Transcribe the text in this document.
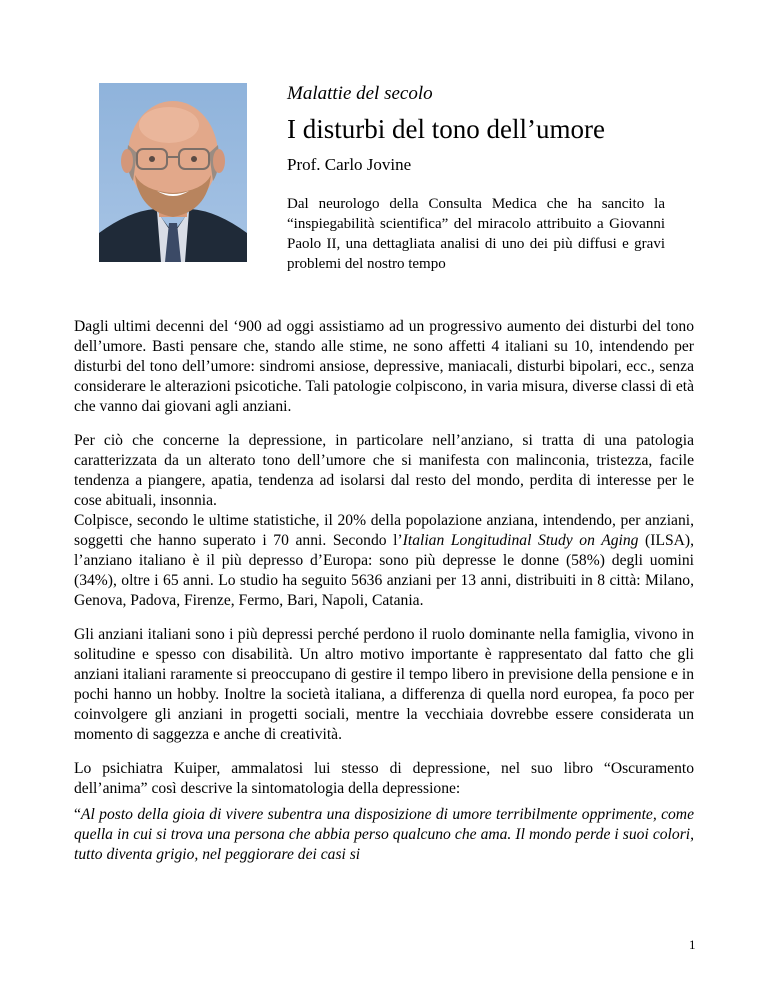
Malattie del secolo

I disturbi del tono dell’umore

Prof. Carlo Jovine

Dal neurologo della Consulta Medica che ha sancito la “inspiegabilità scientifica” del miracolo attribuito a Giovanni Paolo II, una dettagliata analisi di uno dei più diffusi e gravi problemi del nostro tempo

Dagli ultimi decenni del ‘900 ad oggi assistiamo ad un progressivo aumento dei disturbi del tono dell’umore. Basti pensare che, stando alle stime, ne sono affetti 4 italiani su 10, intendendo per disturbi del tono dell’umore: sindromi ansiose, depressive, maniacali, disturbi bipolari, ecc., senza considerare le alterazioni psicotiche. Tali patologie colpiscono, in varia misura, diverse classi di età che vanno dai giovani agli anziani.

Per ciò che concerne la depressione, in particolare nell’anziano, si tratta di una patologia caratterizzata da un alterato tono dell’umore che si manifesta con malinconia, tristezza, facile tendenza a piangere, apatia, tendenza ad isolarsi dal resto del mondo, perdita di interesse per le cose abituali, insonnia.

Colpisce, secondo le ultime statistiche, il 20% della popolazione anziana, intendendo, per anziani, soggetti che hanno superato i 70 anni. Secondo l’Italian Longitudinal Study on Aging (ILSA), l’anziano italiano è il più depresso d’Europa: sono più depresse le donne (58%) degli uomini (34%), oltre i 65 anni. Lo studio ha seguito 5636 anziani per 13 anni, distribuiti in 8 città: Milano, Genova, Padova, Firenze, Fermo, Bari, Napoli, Catania.

Gli anziani italiani sono i più depressi perché perdono il ruolo dominante nella famiglia, vivono in solitudine e spesso con disabilità. Un altro motivo importante è rappresentato dal fatto che gli anziani italiani raramente si preoccupano di gestire il tempo libero in previsione della pensione e in pochi hanno un hobby. Inoltre la società italiana, a differenza di quella nord europea, fa poco per coinvolgere gli anziani in progetti sociali, mentre la vecchiaia dovrebbe essere considerata un momento di saggezza e anche di creatività.

Lo psichiatra Kuiper, ammalatosi lui stesso di depressione, nel suo libro “Oscuramento dell’anima” così descrive la sintomatologia della depressione:

“Al posto della gioia di vivere subentra una disposizione di umore terribilmente opprimente, come quella in cui si trova una persona che abbia perso qualcuno che ama. Il mondo perde i suoi colori, tutto diventa grigio, nel peggiorare dei casi si

1
